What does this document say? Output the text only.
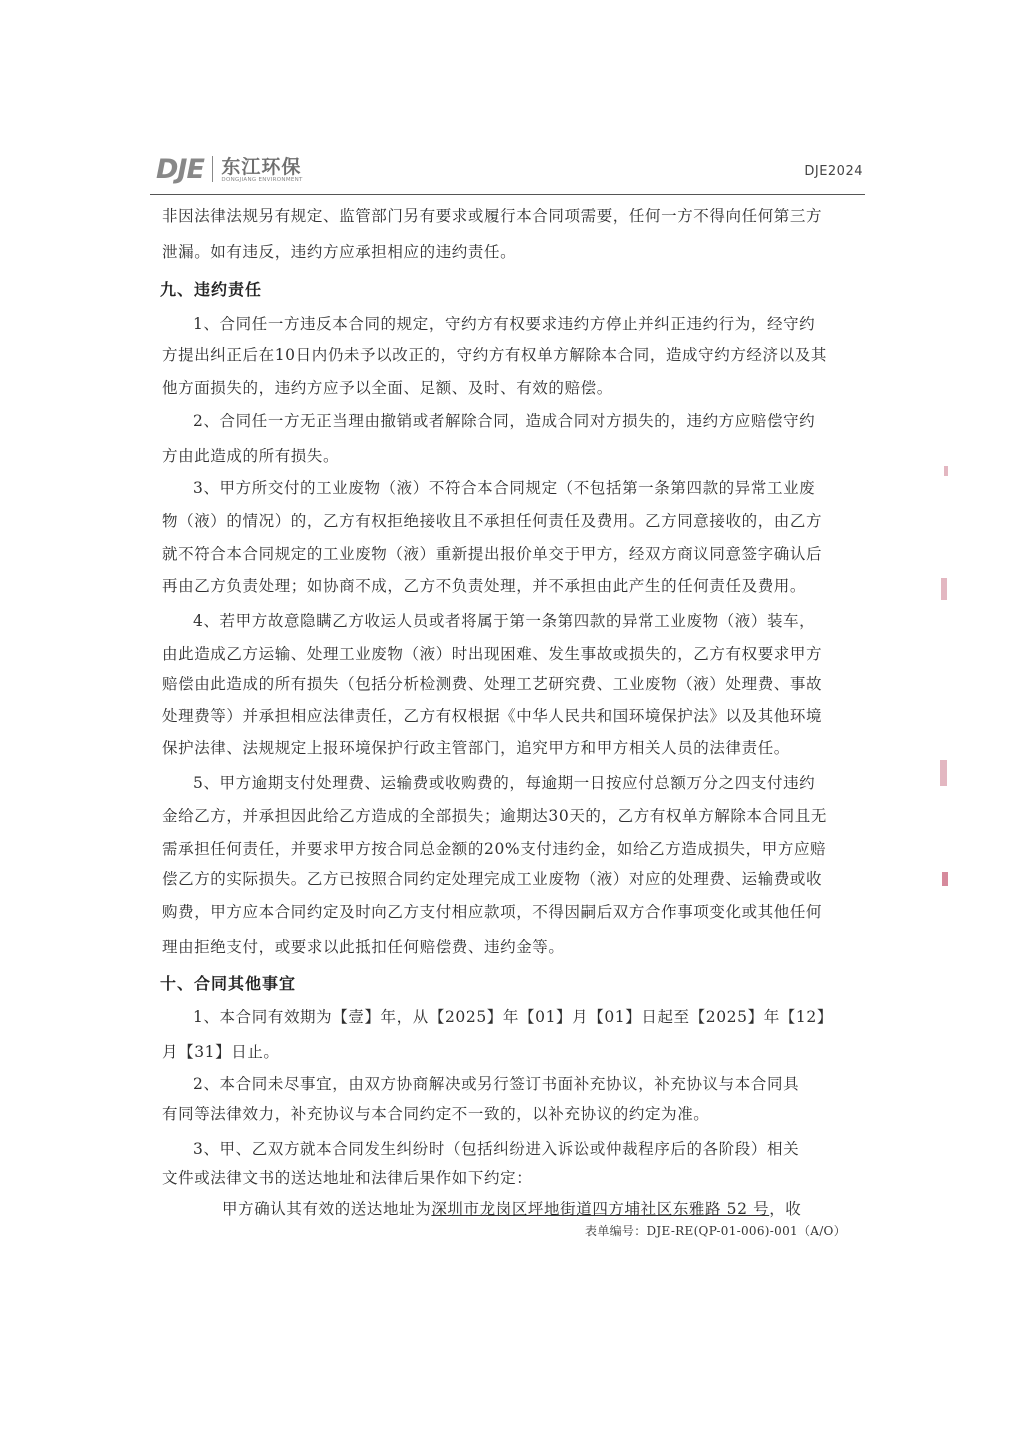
DJE 东江环保
DONGJIANG ENVIRONMENT
DJE2024
非因法律法规另有规定、监管部门另有要求或履行本合同项需要，任何一方不得向任何第三方
泄漏。如有违反，违约方应承担相应的违约责任。
九、违约责任
1、合同任一方违反本合同的规定，守约方有权要求违约方停止并纠正违约行为，经守约
方提出纠正后在10日内仍未予以改正的，守约方有权单方解除本合同，造成守约方经济以及其
他方面损失的，违约方应予以全面、足额、及时、有效的赔偿。
2、合同任一方无正当理由撤销或者解除合同，造成合同对方损失的，违约方应赔偿守约
方由此造成的所有损失。
3、甲方所交付的工业废物（液）不符合本合同规定（不包括第一条第四款的异常工业废
物（液）的情况）的，乙方有权拒绝接收且不承担任何责任及费用。乙方同意接收的，由乙方
就不符合本合同规定的工业废物（液）重新提出报价单交于甲方，经双方商议同意签字确认后
再由乙方负责处理；如协商不成，乙方不负责处理，并不承担由此产生的任何责任及费用。
4、若甲方故意隐瞒乙方收运人员或者将属于第一条第四款的异常工业废物（液）装车，
由此造成乙方运输、处理工业废物（液）时出现困难、发生事故或损失的，乙方有权要求甲方
赔偿由此造成的所有损失（包括分析检测费、处理工艺研究费、工业废物（液）处理费、事故
处理费等）并承担相应法律责任，乙方有权根据《中华人民共和国环境保护法》以及其他环境
保护法律、法规规定上报环境保护行政主管部门，追究甲方和甲方相关人员的法律责任。
5、甲方逾期支付处理费、运输费或收购费的，每逾期一日按应付总额万分之四支付违约
金给乙方，并承担因此给乙方造成的全部损失；逾期达30天的，乙方有权单方解除本合同且无
需承担任何责任，并要求甲方按合同总金额的20%支付违约金，如给乙方造成损失，甲方应赔
偿乙方的实际损失。乙方已按照合同约定处理完成工业废物（液）对应的处理费、运输费或收
购费，甲方应本合同约定及时向乙方支付相应款项，不得因嗣后双方合作事项变化或其他任何
理由拒绝支付，或要求以此抵扣任何赔偿费、违约金等。
十、合同其他事宜
1、本合同有效期为【壹】年，从【2025】年【01】月【01】日起至【2025】年【12】
月【31】日止。
2、本合同未尽事宜，由双方协商解决或另行签订书面补充协议，补充协议与本合同具
有同等法律效力，补充协议与本合同约定不一致的，以补充协议的约定为准。
3、甲、乙双方就本合同发生纠纷时（包括纠纷进入诉讼或仲裁程序后的各阶段）相关
文件或法律文书的送达地址和法律后果作如下约定：
甲方确认其有效的送达地址为深圳市龙岗区坪地街道四方埔社区东雅路 52 号，收
表单编号：DJE-RE(QP-01-006)-001（A/O）
